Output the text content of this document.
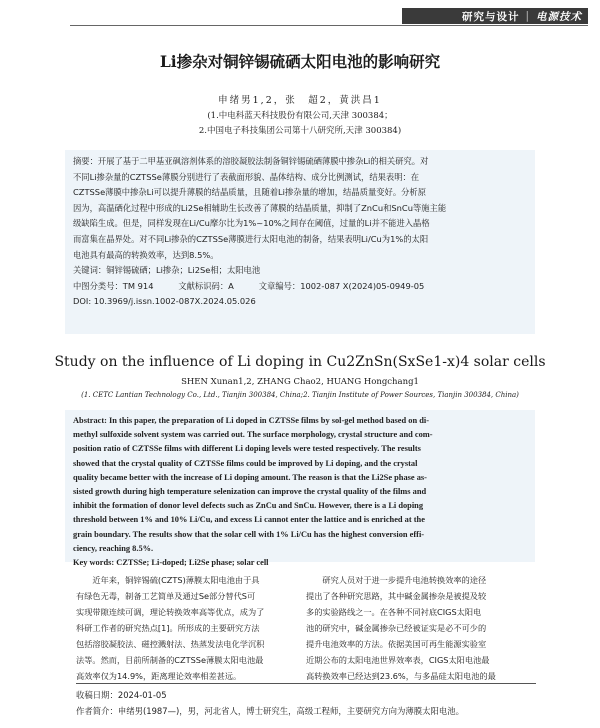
研究与设计 | 电源技术
Li掺杂对铜锌锡硫硒太阳电池的影响研究
申绪男1,2，张　超2，黄洪昌1
(1.中电科蓝天科技股份有限公司,天津 300384；
2.中国电子科技集团公司第十八研究所,天津 300384)

摘要：开展了基于二甲基亚砜溶剂体系的溶胶凝胶法制备铜锌锡硫硒薄膜中掺杂Li的相关研究。对
不同Li掺杂量的CZTSSe薄膜分别进行了表截面形貌、晶体结构、成分比例测试，结果表明：在
CZTSSe薄膜中掺杂Li可以提升薄膜的结晶质量，且随着Li掺杂量的增加，结晶质量变好。分析原
因为，高温硒化过程中形成的Li2Se相辅助生长改善了薄膜的结晶质量，抑制了ZnCu和SnCu等施主能
级缺陷生成。但是，同样发现在Li/Cu摩尔比为1%~10%之间存在阈值，过量的Li并不能进入晶格
而富集在晶界处。对不同Li掺杂的CZTSSe薄膜进行太阳电池的制备，结果表明Li/Cu为1%的太阳
电池具有最高的转换效率，达到8.5%。
关键词：铜锌锡硫硒；Li掺杂；Li2Se相；太阳电池
中图分类号：TM 914　　　文献标识码：A　　　文章编号：1002-087 X(2024)05-0949-05
DOI: 10.3969/j.issn.1002-087X.2024.05.026

Study on the influence of Li doping in Cu2ZnSn(SxSe1-x)4 solar cells
SHEN Xunan1,2, ZHANG Chao2, HUANG Hongchang1
(1. CETC Lantian Technology Co., Ltd., Tianjin 300384, China;2. Tianjin Institute of Power Sources, Tianjin 300384, China)
Abstract: In this paper, the preparation of Li doped in CZTSSe films by sol-gel method based on di-
methyl sulfoxide solvent system was carried out. The surface morphology, crystal structure and com-
position ratio of CZTSSe films with different Li doping levels were tested respectively. The results
showed that the crystal quality of CZTSSe films could be improved by Li doping, and the crystal
quality became better with the increase of Li doping amount. The reason is that the Li2Se phase as-
sisted growth during high temperature selenization can improve the crystal quality of the films and
inhibit the formation of donor level defects such as ZnCu and SnCu. However, there is a Li doping
threshold between 1% and 10% Li/Cu, and excess Li cannot enter the lattice and is enriched at the
grain boundary. The results show that the solar cell with 1% Li/Cu has the highest conversion effi-
ciency, reaching 8.5%.
Key words: CZTSSe; Li-doped; Li2Se phase; solar cell
　　近年来，铜锌锡硫(CZTS)薄膜太阳电池由于具
有绿色无毒，制备工艺简单及通过Se部分替代S可
实现带隙连续可调，理论转换效率高等优点，成为了
科研工作者的研究热点[1]。所形成的主要研究方法
包括溶胶凝胶法、磁控溅射法、热蒸发法电化学沉积
法等。然而，目前所制备的CZTSSe薄膜太阳电池最
高效率仅为14.9%，距离理论效率相差甚远。
　　研究人员对于进一步提升电池转换效率的途径
提出了各种研究思路，其中碱金属掺杂是被提及较
多的实验路线之一。在各种不同衬底CIGS太阳电
池的研究中，碱金属掺杂已经被证实是必不可少的
提升电池效率的方法。依据美国可再生能源实验室
近期公布的太阳电池世界效率表，CIGS太阳电池最
高转换效率已经达到23.6%，与多晶硅太阳电池的最
收稿日期：2024-01-05
作者简介：申绪男(1987—)，男，河北省人，博士研究生，高级工程师，主要研究方向为薄膜太阳电池。
